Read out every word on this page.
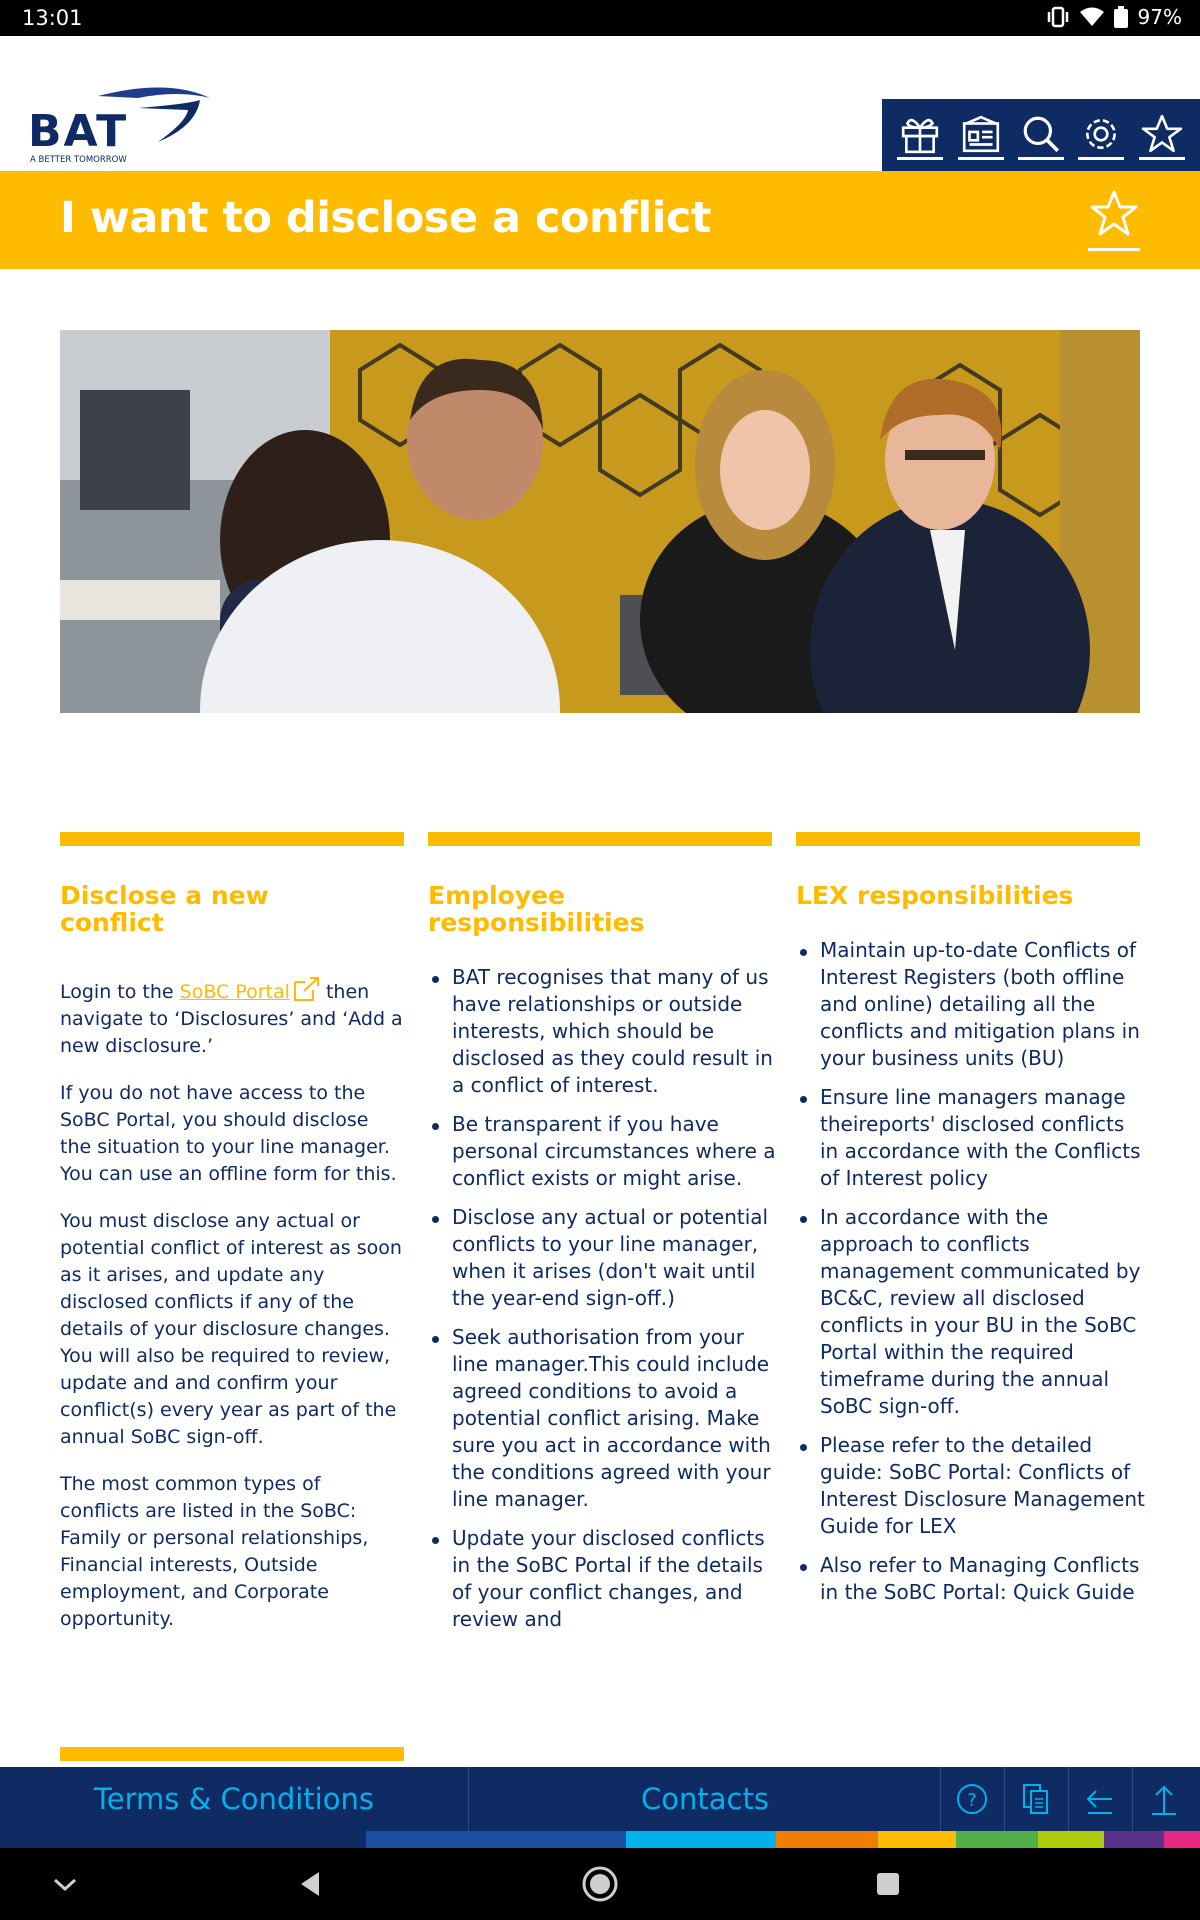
13:01	97%
BAT
A BETTER TOMORROW
I want to disclose a conflict
Disclose a new conflict

Login to the SoBC Portal then navigate to ‘Disclosures’ and ‘Add a new disclosure.’

If you do not have access to the SoBC Portal, you should disclose the situation to your line manager. You can use an offline form for this.

You must disclose any actual or potential conflict of interest as soon as it arises, and update any disclosed conflicts if any of the details of your disclosure changes. You will also be required to review, update and and confirm your conflict(s) every year as part of the annual SoBC sign-off.

The most common types of conflicts are listed in the SoBC: Family or personal relationships, Financial interests, Outside employment, and Corporate opportunity.

Employee responsibilities
BAT recognises that many of us have relationships or outside interests, which should be disclosed as they could result in a conflict of interest.
Be transparent if you have personal circumstances where a conflict exists or might arise.
Disclose any actual or potential conflicts to your line manager, when it arises (don't wait until the year-end sign-off.)
Seek authorisation from your line manager.This could include agreed conditions to avoid a potential conflict arising. Make sure you act in accordance with the conditions agreed with your line manager.
Update your disclosed conflicts in the SoBC Portal if the details of your conflict changes, and review and
LEX responsibilities
Maintain up-to-date Conflicts of Interest Registers (both offline and online) detailing all the conflicts and mitigation plans in your business units (BU)
Ensure line managers manage theireports' disclosed conflicts in accordance with the Conflicts of Interest policy
In accordance with the approach to conflicts management communicated by BC&C, review all disclosed conflicts in your BU in the SoBC Portal within the required timeframe during the annual SoBC sign-off.
Please refer to the detailed guide: SoBC Portal: Conflicts of Interest Disclosure Management Guide for LEX
Also refer to Managing Conflicts in the SoBC Portal: Quick Guide
Terms & Conditions	Contacts	?
